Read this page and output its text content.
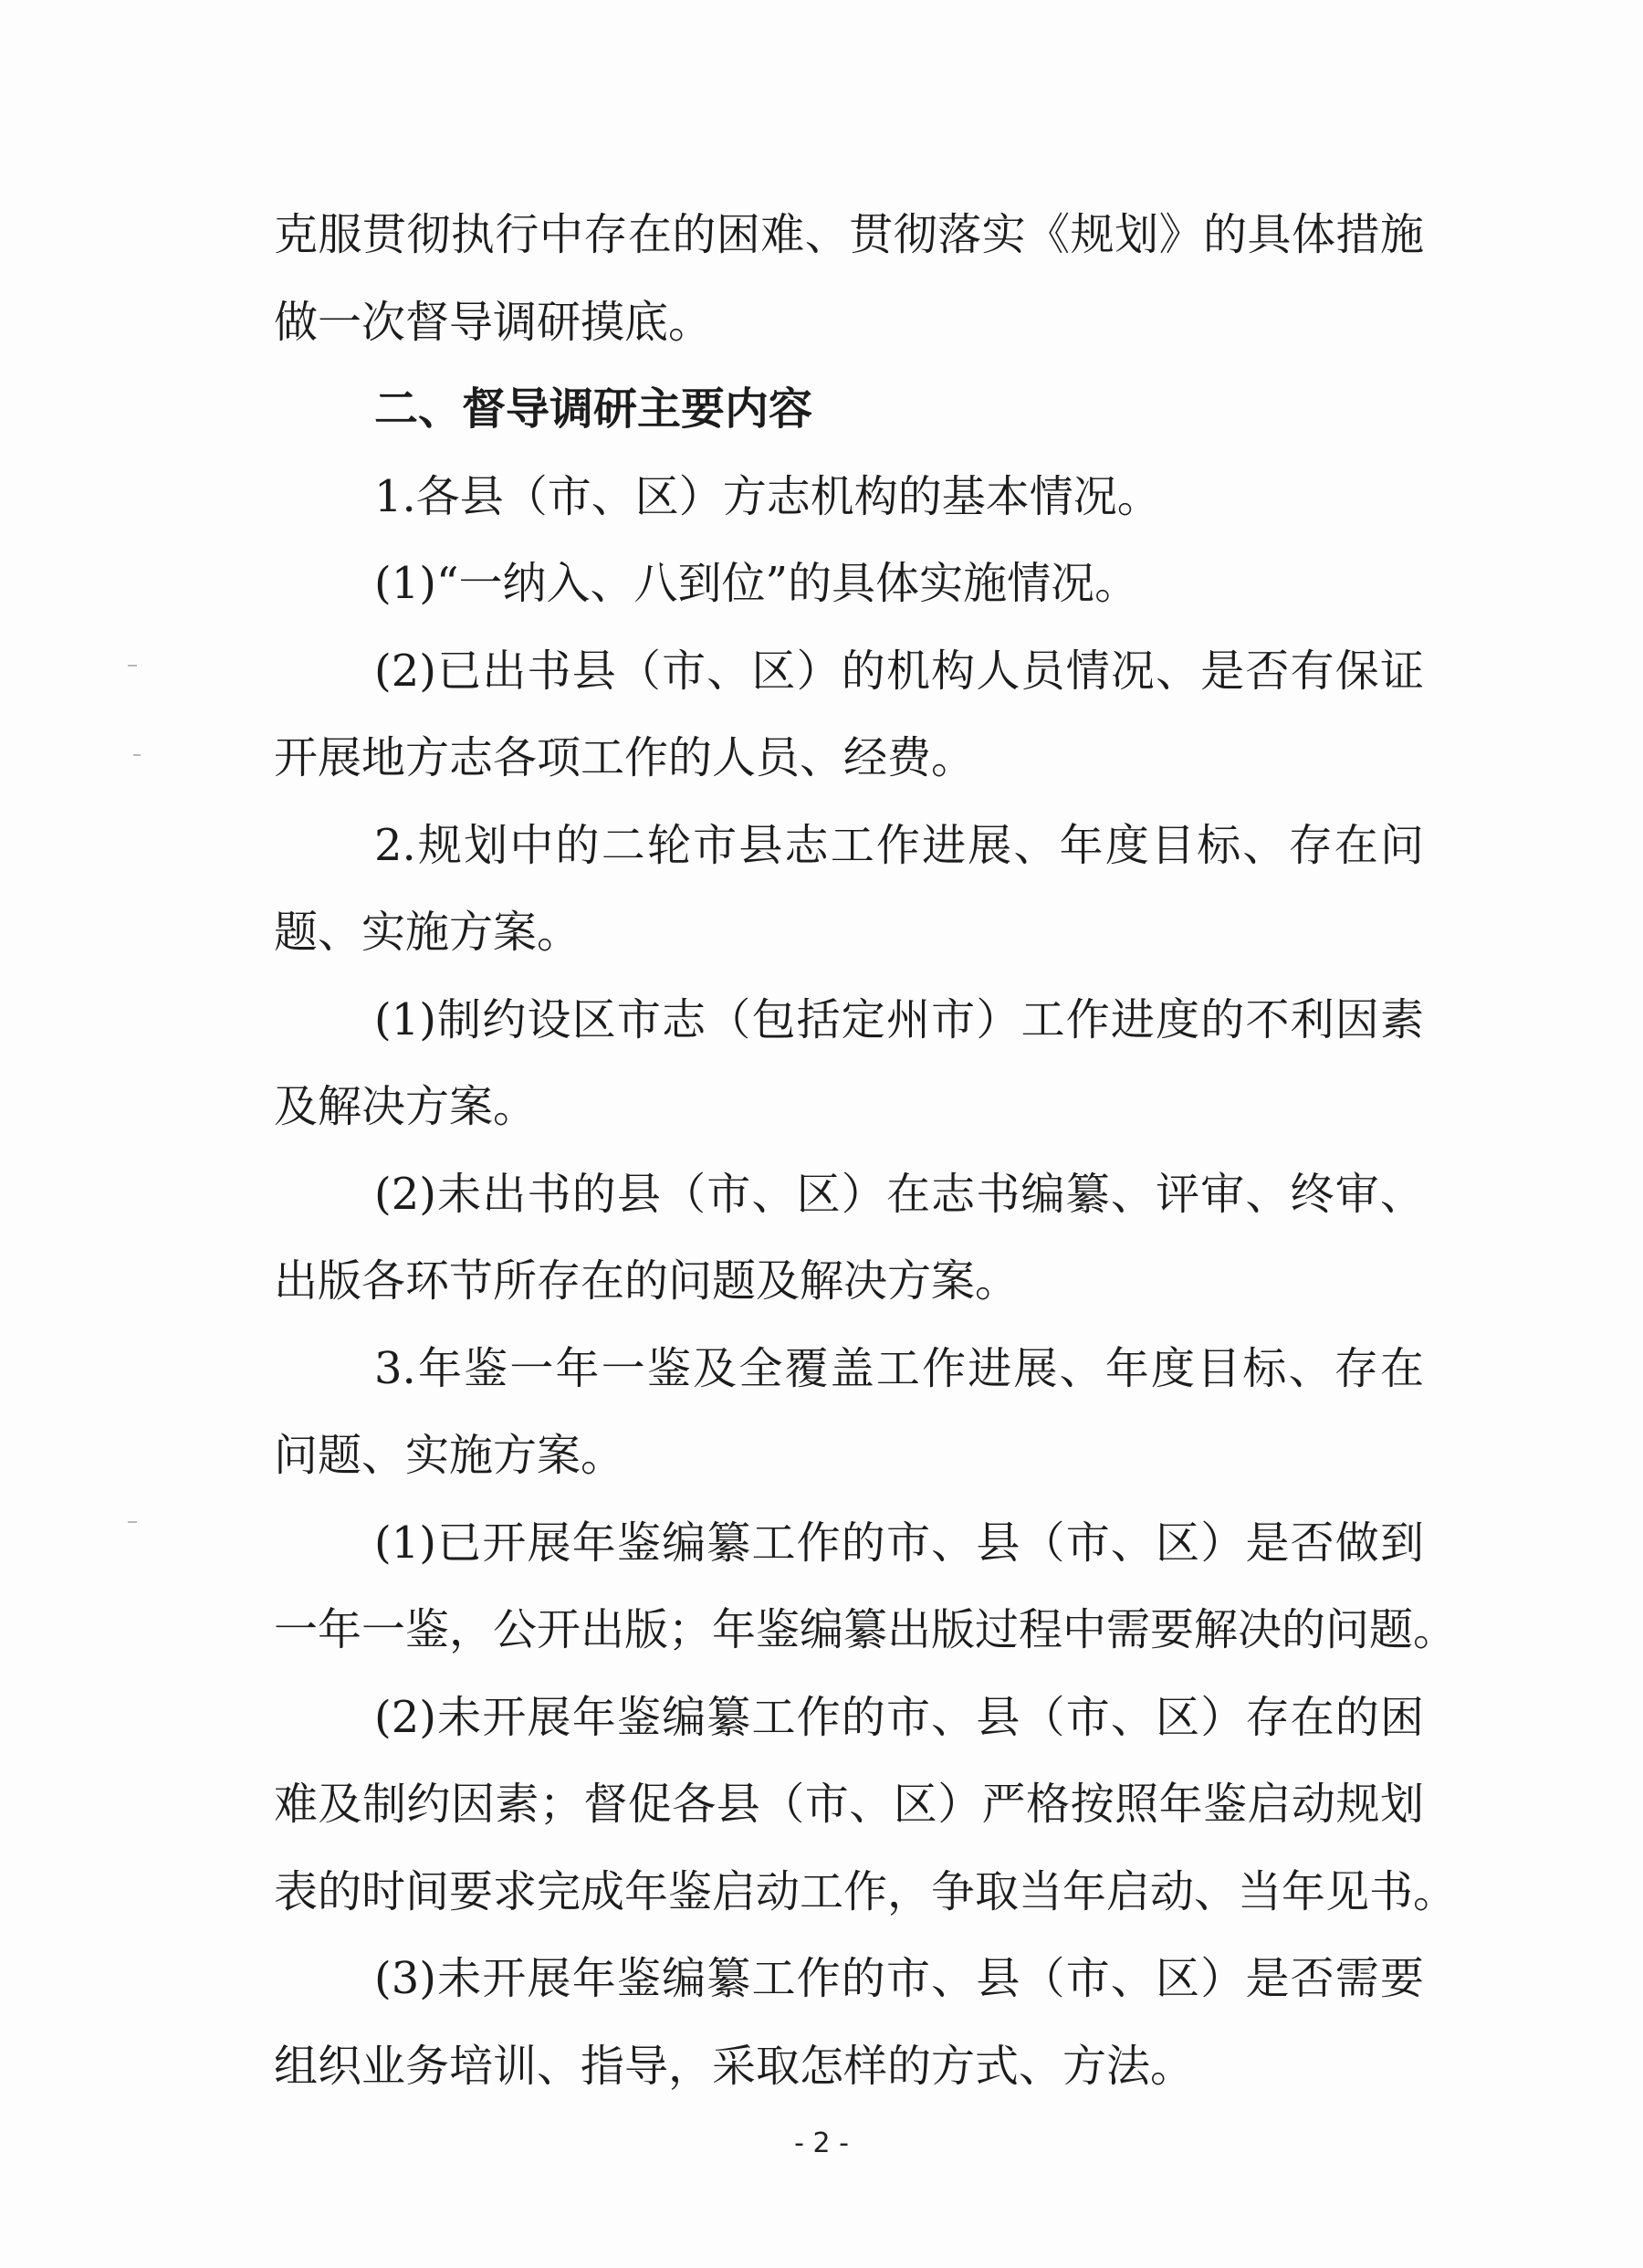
克服贯彻执行中存在的困难、贯彻落实《规划》的具体措施
做一次督导调研摸底。
二、督导调研主要内容
1.各县（市、区）方志机构的基本情况。
(1)“一纳入、八到位”的具体实施情况。
(2)已出书县（市、区）的机构人员情况、是否有保证
开展地方志各项工作的人员、经费。
2.规划中的二轮市县志工作进展、年度目标、存在问
题、实施方案。
(1)制约设区市志（包括定州市）工作进度的不利因素
及解决方案。
(2)未出书的县（市、区）在志书编纂、评审、终审、
出版各环节所存在的问题及解决方案。
3.年鉴一年一鉴及全覆盖工作进展、年度目标、存在
问题、实施方案。
(1)已开展年鉴编纂工作的市、县（市、区）是否做到
一年一鉴，公开出版；年鉴编纂出版过程中需要解决的问题。
(2)未开展年鉴编纂工作的市、县（市、区）存在的困
难及制约因素；督促各县（市、区）严格按照年鉴启动规划
表的时间要求完成年鉴启动工作，争取当年启动、当年见书。
(3)未开展年鉴编纂工作的市、县（市、区）是否需要
组织业务培训、指导，采取怎样的方式、方法。
- 2 -
